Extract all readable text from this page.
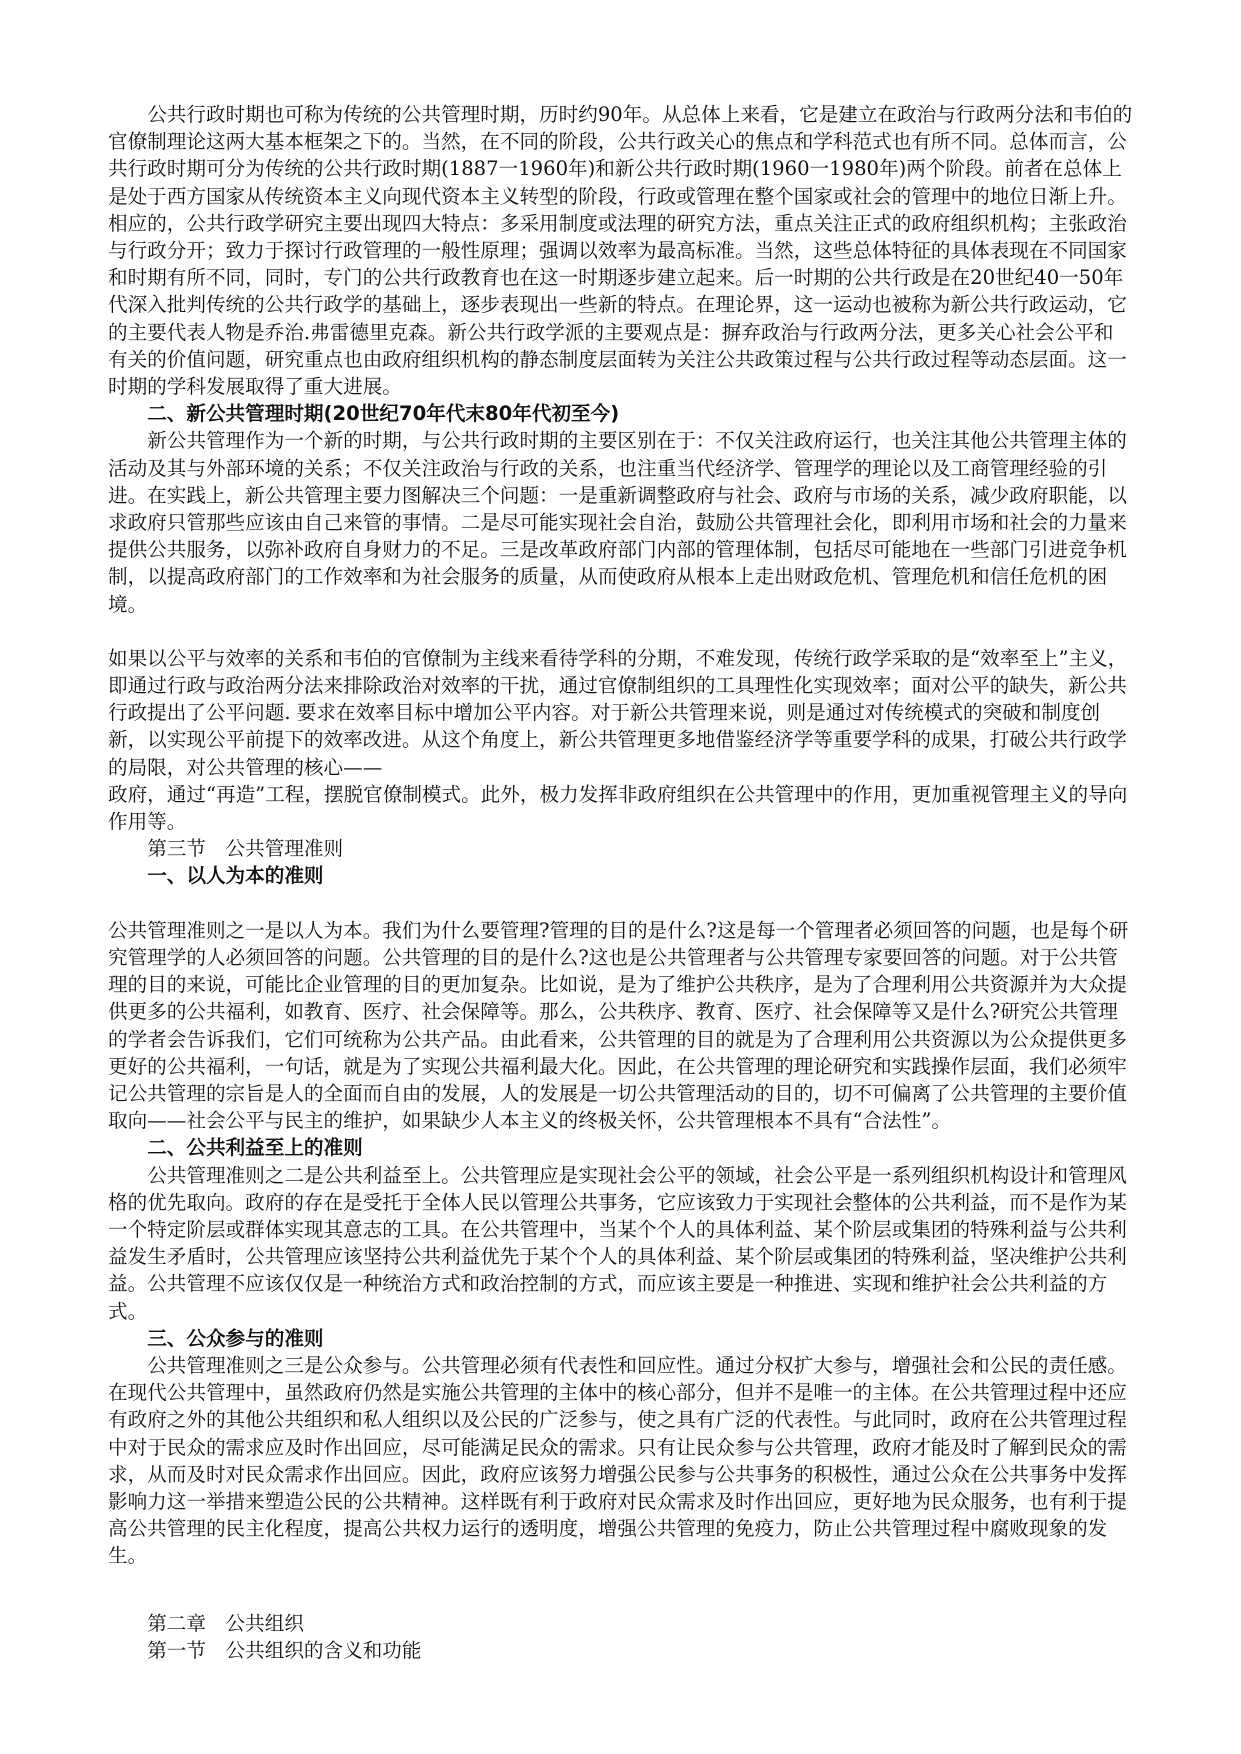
公共行政时期也可称为传统的公共管理时期，历时约90年。从总体上来看，它是建立在政治与行政两分法和韦伯的官僚制理论这两大基本框架之下的。当然，在不同的阶段，公共行政关心的焦点和学科范式也有所不同。总体而言，公共行政时期可分为传统的公共行政时期(1887一1960年)和新公共行政时期(1960一1980年)两个阶段。前者在总体上是处于西方国家从传统资本主义向现代资本主义转型的阶段，行政或管理在整个国家或社会的管理中的地位日渐上升。相应的，公共行政学研究主要出现四大特点：多采用制度或法理的研究方法，重点关注正式的政府组织机构；主张政治与行政分开；致力于探讨行政管理的一般性原理；强调以效率为最高标准。当然，这些总体特征的具体表现在不同国家和时期有所不同，同时，专门的公共行政教育也在这一时期逐步建立起来。后一时期的公共行政是在20世纪40一50年代深入批判传统的公共行政学的基础上，逐步表现出一些新的特点。在理论界，这一运动也被称为新公共行政运动，它的主要代表人物是乔治.弗雷德里克森。新公共行政学派的主要观点是：摒弃政治与行政两分法，更多关心社会公平和有关的价值问题，研究重点也由政府组织机构的静态制度层面转为关注公共政策过程与公共行政过程等动态层面。这一时期的学科发展取得了重大进展。

二、新公共管理时期(20世纪70年代末80年代初至今)

新公共管理作为一个新的时期，与公共行政时期的主要区别在于：不仅关注政府运行，也关注其他公共管理主体的活动及其与外部环境的关系；不仅关注政治与行政的关系，也注重当代经济学、管理学的理论以及工商管理经验的引进。在实践上，新公共管理主要力图解决三个问题：一是重新调整政府与社会、政府与市场的关系，减少政府职能，以求政府只管那些应该由自己来管的事情。二是尽可能实现社会自治，鼓励公共管理社会化，即利用市场和社会的力量来提供公共服务，以弥补政府自身财力的不足。三是改革政府部门内部的管理体制，包括尽可能地在一些部门引进竞争机制，以提高政府部门的工作效率和为社会服务的质量，从而使政府从根本上走出财政危机、管理危机和信任危机的困境。

如果以公平与效率的关系和韦伯的官僚制为主线来看待学科的分期，不难发现，传统行政学采取的是“效率至上”主义，即通过行政与政治两分法来排除政治对效率的干扰，通过官僚制组织的工具理性化实现效率；面对公平的缺失，新公共行政提出了公平问题. 要求在效率目标中增加公平内容。对于新公共管理来说，则是通过对传统模式的突破和制度创新，以实现公平前提下的效率改进。从这个角度上，新公共管理更多地借鉴经济学等重要学科的成果，打破公共行政学的局限，对公共管理的核心——

政府，通过“再造”工程，摆脱官僚制模式。此外，极力发挥非政府组织在公共管理中的作用，更加重视管理主义的导向作用等。

第三节　公共管理准则

一、以人为本的准则

公共管理准则之一是以人为本。我们为什么要管理?管理的目的是什么?这是每一个管理者必须回答的问题，也是每个研究管理学的人必须回答的问题。公共管理的目的是什么?这也是公共管理者与公共管理专家要回答的问题。对于公共管理的目的来说，可能比企业管理的目的更加复杂。比如说，是为了维护公共秩序，是为了合理利用公共资源并为大众提供更多的公共福利，如教育、医疗、社会保障等。那么，公共秩序、教育、医疗、社会保障等又是什么?研究公共管理的学者会告诉我们，它们可统称为公共产品。由此看来，公共管理的目的就是为了合理利用公共资源以为公众提供更多更好的公共福利，一句话，就是为了实现公共福利最大化。因此，在公共管理的理论研究和实践操作层面，我们必须牢记公共管理的宗旨是人的全面而自由的发展，人的发展是一切公共管理活动的目的，切不可偏离了公共管理的主要价值取向——社会公平与民主的维护，如果缺少人本主义的终极关怀，公共管理根本不具有“合法性”。

二、公共利益至上的准则

公共管理准则之二是公共利益至上。公共管理应是实现社会公平的领域，社会公平是一系列组织机构设计和管理风格的优先取向。政府的存在是受托于全体人民以管理公共事务，它应该致力于实现社会整体的公共利益，而不是作为某一个特定阶层或群体实现其意志的工具。在公共管理中，当某个个人的具体利益、某个阶层或集团的特殊利益与公共利益发生矛盾时，公共管理应该坚持公共利益优先于某个个人的具体利益、某个阶层或集团的特殊利益，坚决维护公共利益。公共管理不应该仅仅是一种统治方式和政治控制的方式，而应该主要是一种推进、实现和维护社会公共利益的方式。

三、公众参与的准则

公共管理准则之三是公众参与。公共管理必须有代表性和回应性。通过分权扩大参与，增强社会和公民的责任感。在现代公共管理中，虽然政府仍然是实施公共管理的主体中的核心部分，但并不是唯一的主体。在公共管理过程中还应有政府之外的其他公共组织和私人组织以及公民的广泛参与，使之具有广泛的代表性。与此同时，政府在公共管理过程中对于民众的需求应及时作出回应，尽可能满足民众的需求。只有让民众参与公共管理，政府才能及时了解到民众的需求，从而及时对民众需求作出回应。因此，政府应该努力增强公民参与公共事务的积极性，通过公众在公共事务中发挥影响力这一举措来塑造公民的公共精神。这样既有利于政府对民众需求及时作出回应，更好地为民众服务，也有利于提高公共管理的民主化程度，提高公共权力运行的透明度，增强公共管理的免疫力，防止公共管理过程中腐败现象的发生。

第二章　公共组织

第一节　公共组织的含义和功能
